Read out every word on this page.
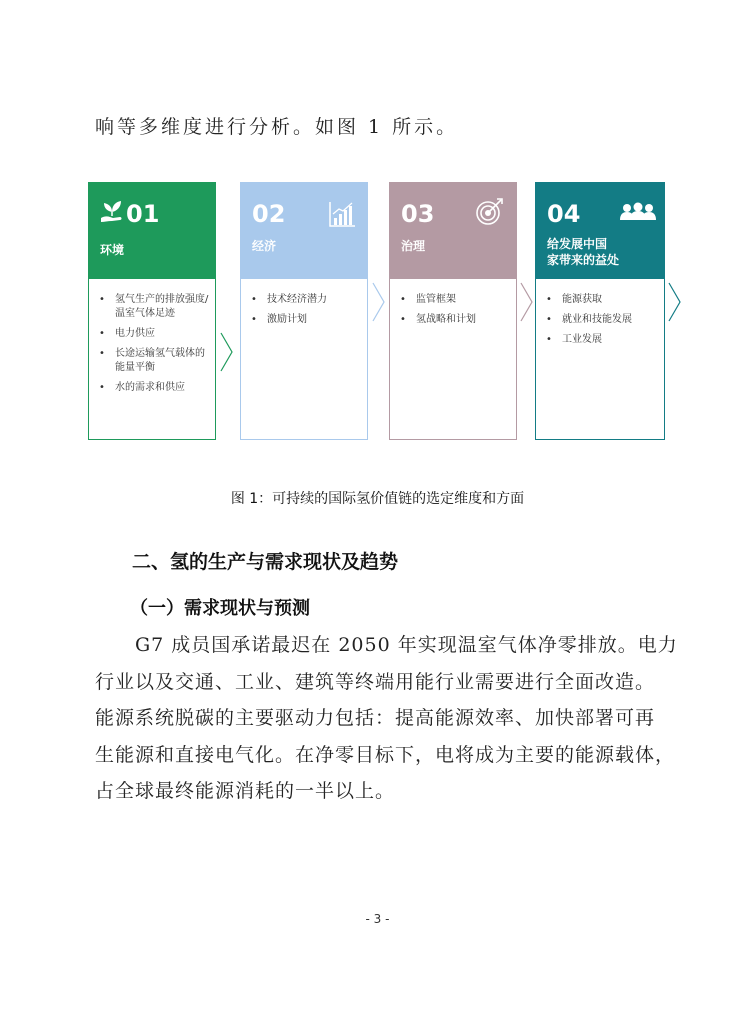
响等多维度进行分析。如图 1 所示。
01
环境
• 氢气生产的排放强度/温室气体足迹
• 电力供应
• 长途运输氢气载体的能量平衡
• 水的需求和供应
02
经济
• 技术经济潜力
• 激励计划
03
治理
• 监管框架
• 氢战略和计划
04
给发展中国
家带来的益处
• 能源获取
• 就业和技能发展
• 工业发展
图 1：可持续的国际氢价值链的选定维度和方面
二、氢的生产与需求现状及趋势
（一）需求现状与预测
G7 成员国承诺最迟在 2050 年实现温室气体净零排放。电力
行业以及交通、工业、建筑等终端用能行业需要进行全面改造。
能源系统脱碳的主要驱动力包括：提高能源效率、加快部署可再
生能源和直接电气化。在净零目标下，电将成为主要的能源载体，
占全球最终能源消耗的一半以上。
- 3 -
